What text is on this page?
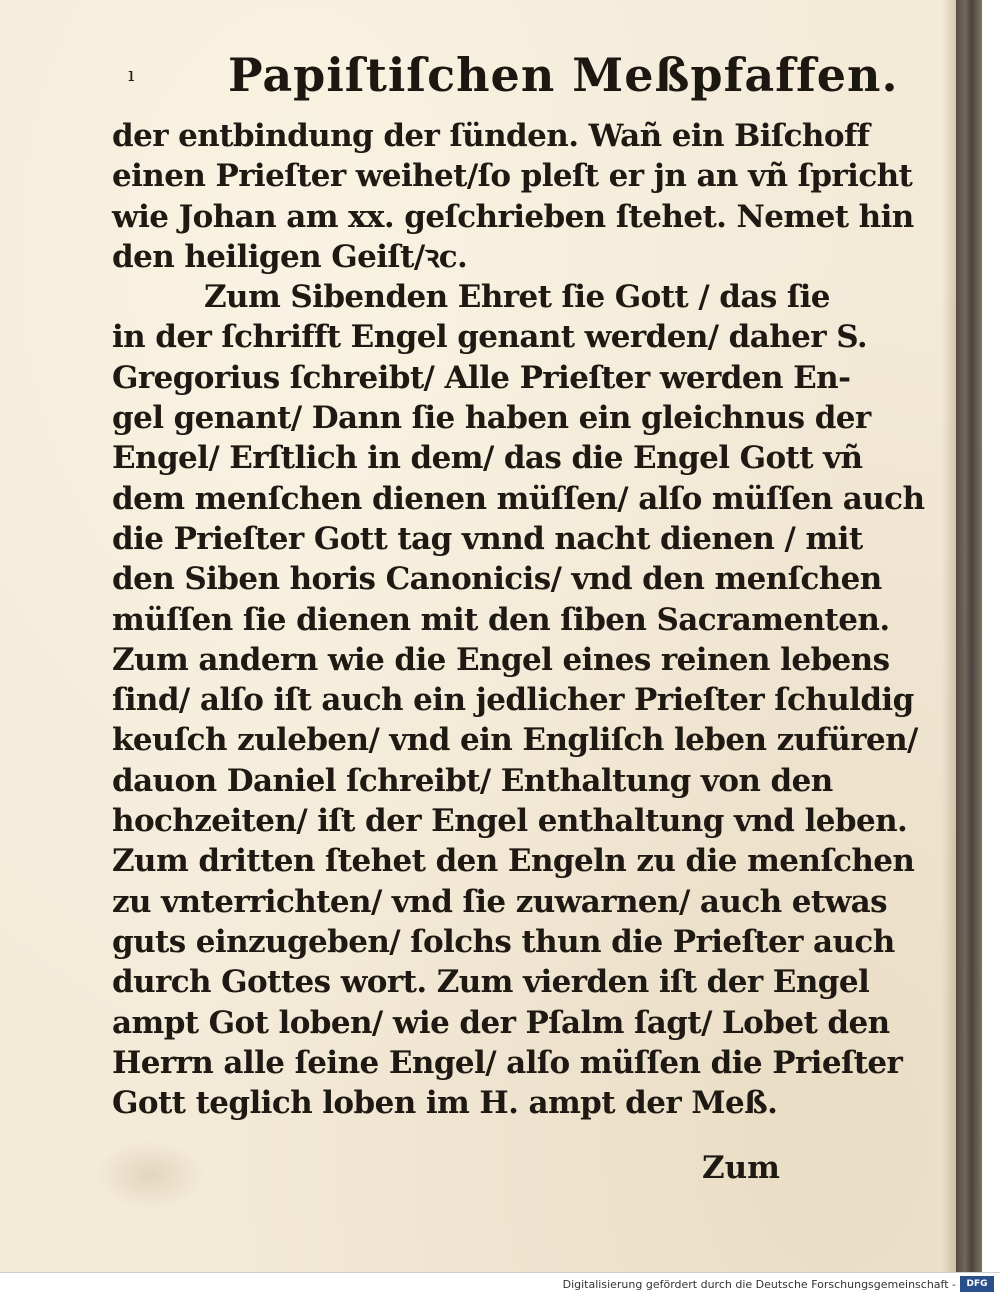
ı Papiſtiſchen Meßpfaffen.
der entbindung der ſünden. Wañ ein Biſchoff
einen Prieſter weihet/ſo pleſt er jn an vñ ſpricht
wie Johan am xx. geſchrieben ſtehet. Nemet hin
den heiligen Geiſt/ꝛc.
Zum Sibenden Ehret ſie Gott / das ſie
in der ſchrifft Engel genant werden/ daher S.
Gregorius ſchreibt/ Alle Prieſter werden En-
gel genant/ Dann ſie haben ein gleichnus der
Engel/ Erſtlich in dem/ das die Engel Gott vñ
dem menſchen dienen müſſen/ alſo müſſen auch
die Prieſter Gott tag vnnd nacht dienen / mit
den Siben horis Canonicis/ vnd den menſchen
müſſen ſie dienen mit den ſiben Sacramenten.
Zum andern wie die Engel eines reinen lebens
ſind/ alſo iſt auch ein jedlicher Prieſter ſchuldig
keuſch zuleben/ vnd ein Engliſch leben zufüren/
dauon Daniel ſchreibt/ Enthaltung von den
hochzeiten/ iſt der Engel enthaltung vnd leben.
Zum dritten ſtehet den Engeln zu die menſchen
zu vnterrichten/ vnd ſie zuwarnen/ auch etwas
guts einzugeben/ ſolchs thun die Prieſter auch
durch Gottes wort. Zum vierden iſt der Engel
ampt Got loben/ wie der Pſalm ſagt/ Lobet den
Herrn alle ſeine Engel/ alſo müſſen die Prieſter
Gott teglich loben im H. ampt der Meß.
Zum
Digitalisierung gefördert durch die Deutsche Forschungsgemeinschaft -	DFG
